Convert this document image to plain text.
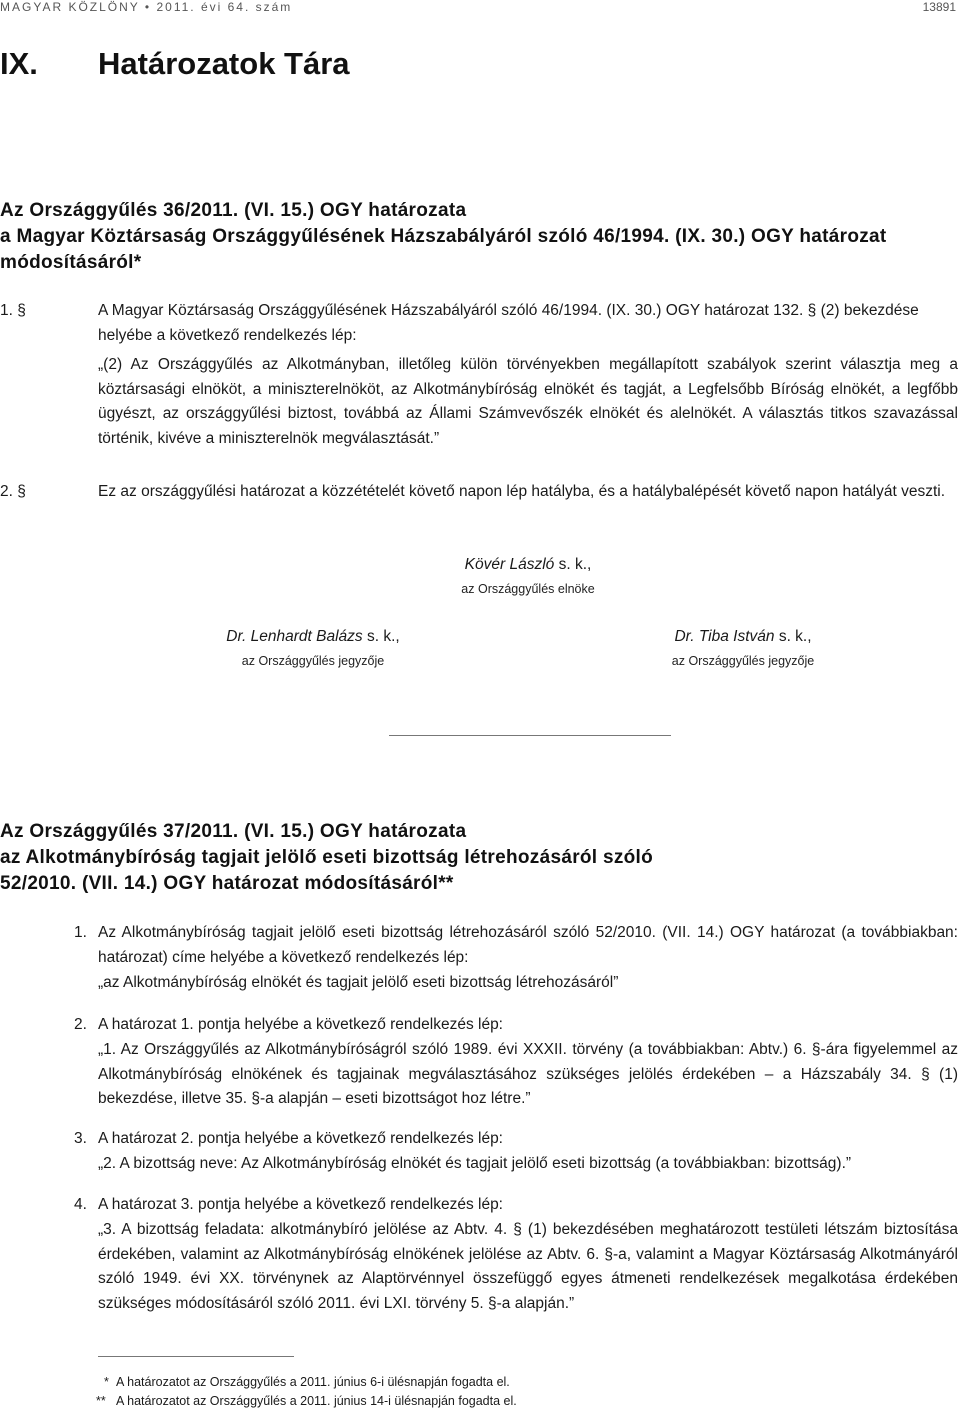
MAGYAR KÖZLÖNY • 2011. évi 64. szám	13891
IX. Határozatok Tára
Az Országgyűlés 36/2011. (VI. 15.) OGY határozata
a Magyar Köztársaság Országgyűlésének Házszabályáról szóló 46/1994. (IX. 30.) OGY határozat
módosításáról*
1. §	A Magyar Köztársaság Országgyűlésének Házszabályáról szóló 46/1994. (IX. 30.) OGY határozat 132. § (2) bekezdése helyébe a következő rendelkezés lép:
„(2) Az Országgyűlés az Alkotmányban, illetőleg külön törvényekben megállapított szabályok szerint választja meg a köztársasági elnököt, a miniszterelnököt, az Alkotmánybíróság elnökét és tagját, a Legfelsőbb Bíróság elnökét, a legfőbb ügyészt, az országgyűlési biztost, továbbá az Állami Számvevőszék elnökét és alelnökét. A választás titkos szavazással történik, kivéve a miniszterelnök megválasztását.”
2. §	Ez az országgyűlési határozat a közzétételét követő napon lép hatályba, és a hatálybalépését követő napon hatályát veszti.
Kövér László s. k.,
az Országgyűlés elnöke
Dr. Lenhardt Balázs s. k.,
az Országgyűlés jegyzője
Dr. Tiba István s. k.,
az Országgyűlés jegyzője
Az Országgyűlés 37/2011. (VI. 15.) OGY határozata
az Alkotmánybíróság tagjait jelölő eseti bizottság létrehozásáról szóló
52/2010. (VII. 14.) OGY határozat módosításáról**
1. Az Alkotmánybíróság tagjait jelölő eseti bizottság létrehozásáról szóló 52/2010. (VII. 14.) OGY határozat (a továbbiakban: határozat) címe helyébe a következő rendelkezés lép:
„az Alkotmánybíróság elnökét és tagjait jelölő eseti bizottság létrehozásáról”
2. A határozat 1. pontja helyébe a következő rendelkezés lép:
„1. Az Országgyűlés az Alkotmánybíróságról szóló 1989. évi XXXII. törvény (a továbbiakban: Abtv.) 6. §-ára figyelemmel az Alkotmánybíróság elnökének és tagjainak megválasztásához szükséges jelölés érdekében – a Házszabály 34. § (1) bekezdése, illetve 35. §-a alapján – eseti bizottságot hoz létre.”
3. A határozat 2. pontja helyébe a következő rendelkezés lép:
„2. A bizottság neve: Az Alkotmánybíróság elnökét és tagjait jelölő eseti bizottság (a továbbiakban: bizottság).”
4. A határozat 3. pontja helyébe a következő rendelkezés lép:
„3. A bizottság feladata: alkotmánybíró jelölése az Abtv. 4. § (1) bekezdésében meghatározott testületi létszám biztosítása érdekében, valamint az Alkotmánybíróság elnökének jelölése az Abtv. 6. §-a, valamint a Magyar Köztársaság Alkotmányáról szóló 1949. évi XX. törvénynek az Alaptörvénnyel összefüggő egyes átmeneti rendelkezések megalkotása érdekében szükséges módosításáról szóló 2011. évi LXI. törvény 5. §-a alapján.”
* A határozatot az Országgyűlés a 2011. június 6-i ülésnapján fogadta el.
** A határozatot az Országgyűlés a 2011. június 14-i ülésnapján fogadta el.
